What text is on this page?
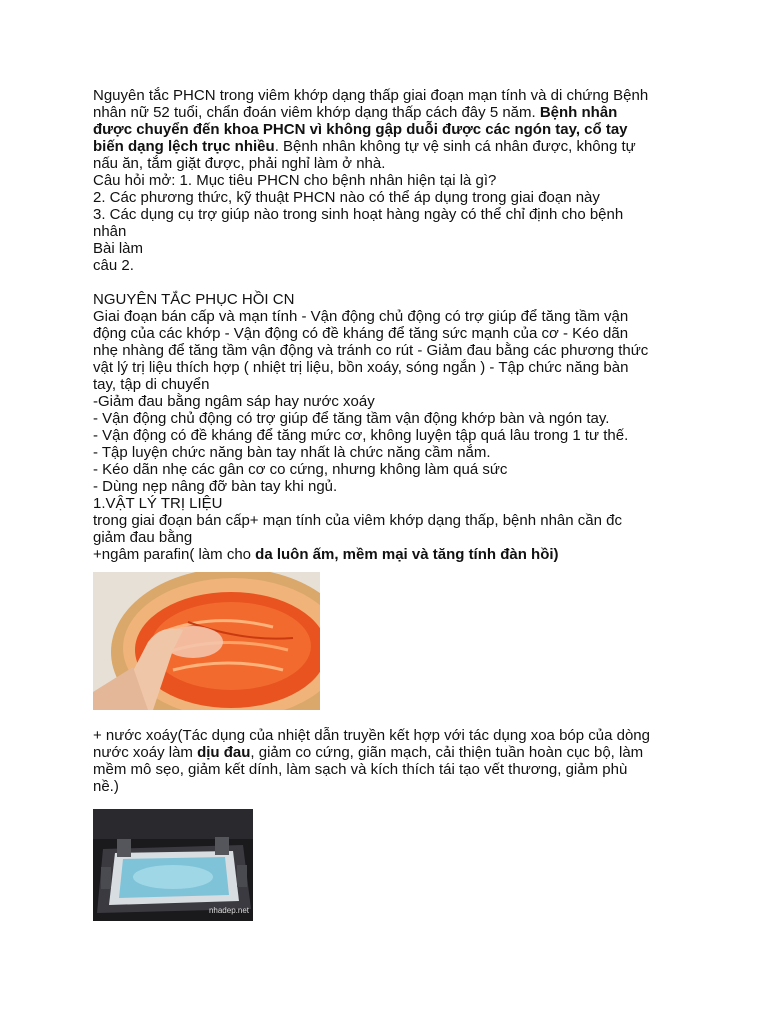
Nguyên tắc PHCN trong viêm khớp dạng thấp giai đoạn mạn tính và di chứng Bệnh
nhân nữ 52 tuổi, chẩn đoán viêm khớp dạng thấp cách đây 5 năm. Bệnh nhân
được chuyển đến khoa PHCN vì không gập duỗi được các ngón tay, cổ tay
biến dạng lệch trục nhiều. Bệnh nhân không tự vệ sinh cá nhân được, không tự
nấu ăn, tắm giặt được, phải nghỉ làm ở nhà.
Câu hỏi mở: 1. Mục tiêu PHCN cho bệnh nhân hiện tại là gì?
2. Các phương thức, kỹ thuật PHCN nào có thể áp dụng trong giai đoạn này
3. Các dụng cụ trợ giúp nào trong sinh hoạt hàng ngày có thể chỉ định cho bệnh
nhân
Bài làm
câu 2.
NGUYÊN TẮC PHỤC HỒI CN
Giai đoạn bán cấp và mạn tính - Vận động chủ động có trợ giúp để tăng tầm vận
động của các khớp - Vận động có đề kháng để tăng sức mạnh của cơ - Kéo dãn
nhẹ nhàng để tăng tầm vận động và tránh co rút - Giảm đau bằng các phương thức
vật lý trị liệu thích hợp ( nhiệt trị liệu, bồn xoáy, sóng ngắn ) - Tập chức năng bàn
tay, tập di chuyển
-Giảm đau bằng ngâm sáp hay nước xoáy
- Vận động chủ động có trợ giúp để tăng tầm vận động khớp bàn và ngón tay.
- Vận động có đề kháng để tăng mức cơ, không luyện tập quá lâu trong 1 tư thế.
- Tập luyện chức năng bàn tay nhất là chức năng cầm nắm.
- Kéo dãn nhẹ các gân cơ co cứng, nhưng không làm quá sức
- Dùng nẹp nâng đỡ bàn tay khi ngủ.
1.VẬT LÝ TRỊ LIỆU
trong giai đoạn bán cấp+ mạn tính của viêm khớp dạng thấp, bệnh nhân cần đc
giảm đau bằng
+ngâm parafin( làm cho da luôn ấm, mềm mại và tăng tính đàn hồi)
+ nước xoáy(Tác dụng của nhiệt dẫn truyền kết hợp với tác dụng xoa bóp của dòng
nước xoáy làm dịu đau, giảm co cứng, giãn mạch, cải thiện tuần hoàn cục bộ, làm
mềm mô sẹo, giảm kết dính, làm sạch và kích thích tái tạo vết thương, giảm phù
nề.)
nhadep.net
